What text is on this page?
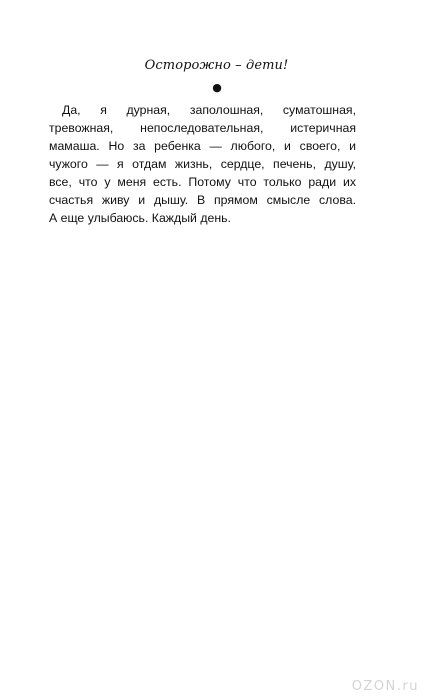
Осторожно – дети!
●
Да, я дурная, заполошная, суматошная,
тревожная, непоследовательная, истеричная
мамаша. Но за ребенка — любого, и своего, и
чужого — я отдам жизнь, сердце, печень, душу,
все, что у меня есть. Потому что только ради их
счастья живу и дышу. В прямом смысле слова.
А еще улыбаюсь. Каждый день.
OZON.ru
